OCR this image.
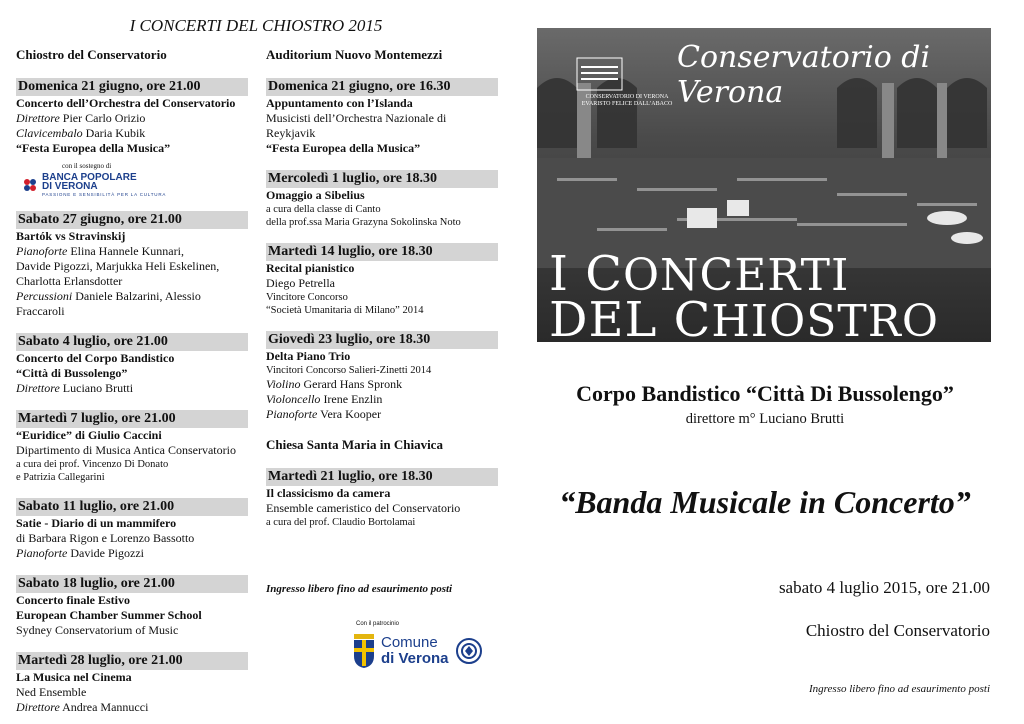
I CONCERTI DEL CHIOSTRO 2015
Chiostro del Conservatorio
Domenica 21 giugno, ore 21.00
Concerto dell’Orchestra del Conservatorio
Direttore Pier Carlo Orizio
Clavicembalo Daria Kubik
“Festa Europea della Musica”
con il sostegno di
BANCA POPOLARE
DI VERONA
PASSIONE E SENSIBILITÀ PER LA CULTURA
Sabato 27 giugno, ore 21.00
Bartók vs Stravinskij
Pianoforte Elina Hannele Kunnari,
Davide Pigozzi, Marjukka Heli Eskelinen,
Charlotta Erlansdotter
Percussioni Daniele Balzarini, Alessio Fraccaroli
Sabato 4 luglio, ore 21.00
Concerto del Corpo Bandistico
“Città di Bussolengo”
Direttore Luciano Brutti
Martedì 7 luglio, ore 21.00
“Euridice” di Giulio Caccini
Dipartimento di Musica Antica Conservatorio
a cura dei prof. Vincenzo Di Donato
e Patrizia Callegarini
Sabato 11 luglio, ore 21.00
Satie - Diario di un mammifero
di Barbara Rigon e Lorenzo Bassotto
Pianoforte Davide Pigozzi
Sabato 18 luglio, ore 21.00
Concerto finale Estivo
European Chamber Summer School
Sydney Conservatorium of Music
Martedì 28 luglio, ore 21.00
La Musica nel Cinema
Ned Ensemble
Direttore Andrea Mannucci
Auditorium Nuovo Montemezzi
Domenica 21 giugno, ore 16.30
Appuntamento con l’Islanda
Musicisti dell’Orchestra Nazionale di
Reykjavik
“Festa Europea della Musica”
Mercoledì 1 luglio, ore 18.30
Omaggio a Sibelius
a cura della classe di Canto
della prof.ssa Maria Grazyna Sokolinska Noto
Martedì 14 luglio, ore 18.30
Recital pianistico
Diego Petrella
Vincitore Concorso
“Società Umanitaria di Milano” 2014
Giovedì 23 luglio, ore 18.30
Delta Piano Trio
Vincitori Concorso Salieri-Zinetti 2014
Violino Gerard Hans Spronk
Violoncello Irene Enzlin
Pianoforte Vera Kooper
Chiesa Santa Maria in Chiavica
Martedì 21 luglio, ore 18.30
Il classicismo da camera
Ensemble cameristico del Conservatorio
a cura del prof. Claudio Bortolamai
Ingresso libero fino ad esaurimento posti
Con il patrocinio
Comune
di Verona
Conservatorio di Verona
CONSERVATORIO DI VERONA
EVARISTO FELICE DALL’ABACO
I CONCERTI
DEL CHIOSTRO 2015
Corpo Bandistico “Città Di Bussolengo”
direttore m° Luciano Brutti
“Banda Musicale in Concerto”
sabato 4 luglio 2015, ore 21.00
Chiostro del Conservatorio
Ingresso libero fino ad esaurimento posti
